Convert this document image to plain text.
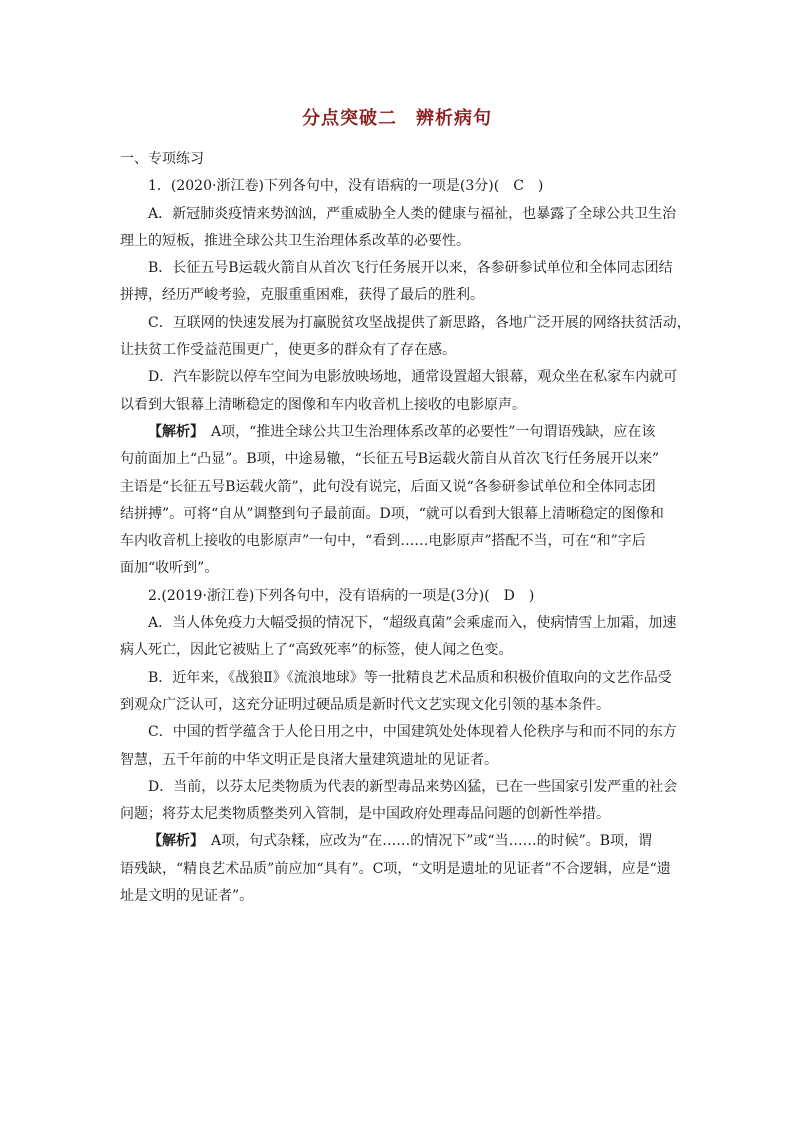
分点突破二　辨析病句
一、专项练习
1．(2020·浙江卷)下列各句中，没有语病的一项是(3分)(　C　)
A．新冠肺炎疫情来势汹汹，严重威胁全人类的健康与福祉，也暴露了全球公共卫生治
理上的短板，推进全球公共卫生治理体系改革的必要性。
B．长征五号B运载火箭自从首次飞行任务展开以来，各参研参试单位和全体同志团结
拼搏，经历严峻考验，克服重重困难，获得了最后的胜利。
C．互联网的快速发展为打赢脱贫攻坚战提供了新思路，各地广泛开展的网络扶贫活动，
让扶贫工作受益范围更广，使更多的群众有了存在感。
D．汽车影院以停车空间为电影放映场地，通常设置超大银幕，观众坐在私家车内就可
以看到大银幕上清晰稳定的图像和车内收音机上接收的电影原声。
【解析】　A项，“推进全球公共卫生治理体系改革的必要性”一句谓语残缺，应在该
句前面加上“凸显”。B项，中途易辙，“长征五号B运载火箭自从首次飞行任务展开以来”
主语是“长征五号B运载火箭”，此句没有说完，后面又说“各参研参试单位和全体同志团
结拼搏”。可将“自从”调整到句子最前面。D项，“就可以看到大银幕上清晰稳定的图像和
车内收音机上接收的电影原声”一句中，“看到……电影原声”搭配不当，可在“和”字后
面加“收听到”。
2.(2019·浙江卷)下列各句中，没有语病的一项是(3分)(　D　)
A．当人体免疫力大幅受损的情况下，“超级真菌”会乘虚而入，使病情雪上加霜，加速
病人死亡，因此它被贴上了“高致死率”的标签，使人闻之色变。
B．近年来，《战狼Ⅱ》《流浪地球》等一批精良艺术品质和积极价值取向的文艺作品受
到观众广泛认可，这充分证明过硬品质是新时代文艺实现文化引领的基本条件。
C．中国的哲学蕴含于人伦日用之中，中国建筑处处体现着人伦秩序与和而不同的东方
智慧，五千年前的中华文明正是良渚大量建筑遗址的见证者。
D．当前，以芬太尼类物质为代表的新型毒品来势凶猛，已在一些国家引发严重的社会
问题；将芬太尼类物质整类列入管制，是中国政府处理毒品问题的创新性举措。
【解析】　A项，句式杂糅，应改为“在……的情况下”或“当……的时候”。B项，谓
语残缺，“精良艺术品质”前应加“具有”。C项，“文明是遗址的见证者”不合逻辑，应是“遗
址是文明的见证者”。
